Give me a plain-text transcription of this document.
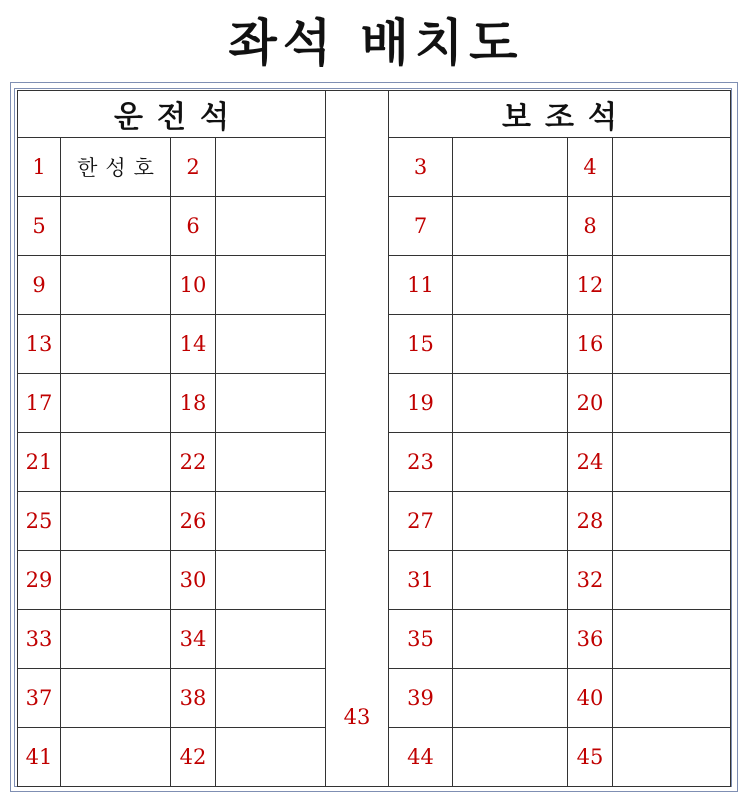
좌석 배치도
운전석					보조석			
1	한성호	2			3		4	
5		6			7		8	
9		10			11		12	
13		14			15		16	
17		18			19		20	
21		22			23		24	
25		26			27		28	
29		30			31		32	
33		34			35		36	
37		38			39		40	
41		42			44		45	
43
